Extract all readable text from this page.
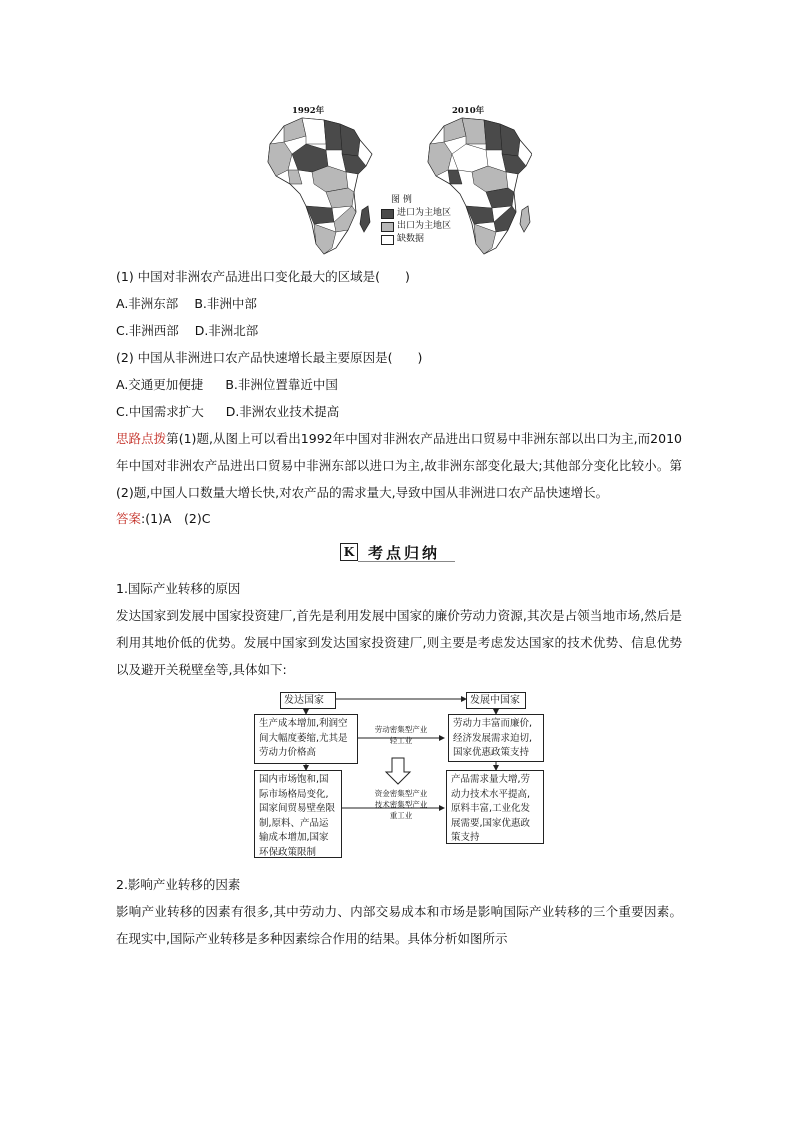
1992年	2010年
图 例
进口为主地区
出口为主地区
缺数据
(1) 中国对非洲农产品进出口变化最大的区域是(　　)
A.非洲东部 B.非洲中部
C.非洲西部 D.非洲北部
(2) 中国从非洲进口农产品快速增长最主要原因是(　　)
A.交通更加便捷 B.非洲位置靠近中国
C.中国需求扩大 D.非洲农业技术提高
思路点拨第(1)题,从图上可以看出1992年中国对非洲农产品进出口贸易中非洲东部以出口为主,而2010年中国对非洲农产品进出口贸易中非洲东部以进口为主,故非洲东部变化最大;其他部分变化比较小。第(2)题,中国人口数量大增长快,对农产品的需求量大,导致中国从非洲进口农产品快速增长。
答案:(1)A　(2)C
K 考点归纳
1.国际产业转移的原因
发达国家到发展中国家投资建厂,首先是利用发展中国家的廉价劳动力资源,其次是占领当地市场,然后是利用其地价低的优势。发展中国家到发达国家投资建厂,则主要是考虑发达国家的技术优势、信息优势以及避开关税壁垒等,具体如下:
发达国家	发展中国家
生产成本增加,利润空间大幅度萎缩,尤其是劳动力价格高
国内市场饱和,国际市场格局变化,国家间贸易壁垒限制,原料、产品运输成本增加,国家环保政策限制
劳动力丰富而廉价,经济发展需求迫切,国家优惠政策支持
产品需求量大增,劳动力技术水平提高,原料丰富,工业化发展需要,国家优惠政策支持
劳动密集型产业
轻工业
资金密集型产业
技术密集型产业
重工业
2.影响产业转移的因素
影响产业转移的因素有很多,其中劳动力、内部交易成本和市场是影响国际产业转移的三个重要因素。在现实中,国际产业转移是多种因素综合作用的结果。具体分析如图所示
